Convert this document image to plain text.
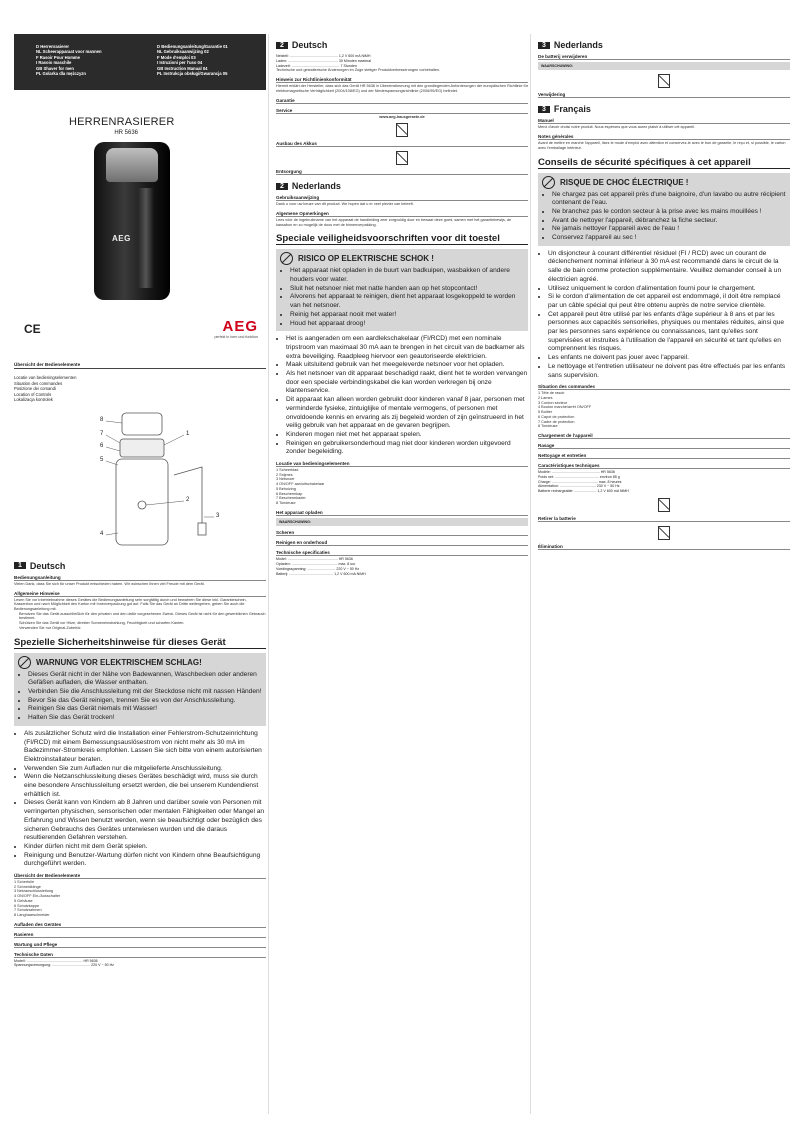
D Herrenrasierer
NL Scheerapparaat voor mannen
F Rasoir Pour Homme
I Rasoio maschile
GB Shaver for men
PL Golarka dla mężczyzn
D Bedienungsanleitung/Garantie 01
NL Gebruiksaanwijzing 02
F Mode d'emploi 03
I Istruzioni per l'uso 04
GB Instruction Manual 04
PL Instrukcja obsługi/Gwarancja 05
HERRENRASIERER
HR 5636
AEG
CE	AEG
perfekt in form und funktion
Übersicht der Bedienelemente
Locatie van bedieningselementen
Situation des commandes
Posizione dei comandi
Location of Controls
Lokalizacja kontrolek
8
7
6
5
4
2
3
1
1 Deutsch
Bedienungsanleitung

Vielen Dank, dass Sie sich für unser Produkt entschieden haben. Wir wünschen Ihnen viel Freude mit dem Gerät.

Allgemeine Hinweise

Lesen Sie vor Inbetriebnahme dieses Gerätes die Bedienungsanleitung sehr sorgfältig durch und bewahren Sie diese inkl. Garantieschein, Kassenbon und nach Möglichkeit den Karton mit Innenverpackung gut auf. Falls Sie das Gerät an Dritte weitergeben, geben Sie auch die Bedienungsanleitung mit.

• Benutzen Sie das Gerät ausschließlich für den privaten und den dafür vorgesehenen Zweck. Dieses Gerät ist nicht für den gewerblichen Gebrauch bestimmt.
• Schützen Sie das Gerät vor Hitze, direkter Sonneneinstrahlung, Feuchtigkeit und scharfen Kanten.
• Verwenden Sie nur Original-Zubehör.
Spezielle Sicherheitshinweise für dieses Gerät
WARNUNG VOR ELEKTRISCHEM SCHLAG!
• Dieses Gerät nicht in der Nähe von Badewannen, Waschbecken oder anderen Gefäßen aufladen, die Wasser enthalten.
• Verbinden Sie die Anschlussleitung mit der Steckdose nicht mit nassen Händen!
• Bevor Sie das Gerät reinigen, trennen Sie es von der Anschlussleitung.
• Reinigen Sie das Gerät niemals mit Wasser!
• Halten Sie das Gerät trocken!
• Als zusätzlicher Schutz wird die Installation einer Fehlerstrom-Schutzeinrichtung (FI/RCD) mit einem Bemessungsauslösestrom von nicht mehr als 30 mA im Badezimmer-Stromkreis empfohlen. Lassen Sie sich bitte von einem autorisierten Elektroinstallateur beraten.
• Verwenden Sie zum Aufladen nur die mitgelieferte Anschlussleitung.
• Wenn die Netzanschlussleitung dieses Gerätes beschädigt wird, muss sie durch eine besondere Anschlussleitung ersetzt werden, die bei unserem Kundendienst erhältlich ist.
• Dieses Gerät kann von Kindern ab 8 Jahren und darüber sowie von Personen mit verringerten physischen, sensorischen oder mentalen Fähigkeiten oder Mangel an Erfahrung und Wissen benutzt werden, wenn sie beaufsichtigt oder bezüglich des sicheren Gebrauchs des Gerätes unterwiesen wurden und die daraus resultierenden Gefahren verstehen.
• Kinder dürfen nicht mit dem Gerät spielen.
• Reinigung und Benutzer-Wartung dürfen nicht von Kindern ohne Beaufsichtigung durchgeführt werden.
Übersicht der Bedienelemente
1 Scherfolie
2 Schneidklinge
3 Netzanschlussleitung
4 ON/OFF Ein-/Ausschalter
5 Gehäuse
6 Schutzkappe
7 Schutzrahmen
8 Langhaarschneider
Aufladen des Gerätes
Rasieren
Wartung und Pflege
Technische Daten
Modell: ........................................................ HR 5636
Spannungsversorgung: ...................................... 220 V ~ 50 Hz
2 Deutsch
Netzteil: ................................................ 1,2 V 600 mA NiMH
Laden: .................................................. 30 Minuten maximal
Ladezeit: ................................................ 7 Stunden

Technische und gestalterische Änderungen im Zuge stetiger Produktverbesserungen vorbehalten.

Hinweis zur Richtlinienkonformität

Hiermit erklärt der Hersteller, dass sich das Gerät HR 5636 in Übereinstimmung mit den grundlegenden Anforderungen der europäischen Richtlinie für elektromagnetische Verträglichkeit (2004/108/EG) und der Niederspannungsrichtlinie (2006/95/EG) befindet.

Garantie
Service

www.aeg-hausgeraete.de

Ausbau des Akkus
Entsorgung
2 Nederlands
Gebruiksaanwijzing

Dank u voor uw keuze van dit product. We hopen dat u er veel plezier van beleeft.

Algemene Opmerkingen

Lees vóór de ingebruikname van het apparaat de handleiding zeer zorgvuldig door en bewaar deze goed, samen met het garantiebewijs, de kassabon en zo mogelijk de doos met de binnenverpakking.

Speciale veiligheidsvoorschriften voor dit toestel
RISICO OP ELEKTRISCHE SCHOK !
• Het apparaat niet opladen in de buurt van badkuipen, wasbakken of andere houders voor water.
• Sluit het netsnoer niet met natte handen aan op het stopcontact!
• Alvorens het apparaat te reinigen, dient het apparaat losgekoppeld te worden van het netsnoer.
• Reinig het apparaat nooit met water!
• Houd het apparaat droog!
• Het is aangeraden om een aardlekschakelaar (FI/RCD) met een nominale tripstroom van maximaal 30 mA aan te brengen in het circuit van de badkamer als extra beveiliging. Raadpleeg hiervoor een geautoriseerde elektricien.
• Maak uitsluitend gebruik van het meegeleverde netsnoer voor het opladen.
• Als het netsnoer van dit apparaat beschadigd raakt, dient het te worden vervangen door een speciale verbindingskabel die kan worden verkregen bij onze klantenservice.
• Dit apparaat kan alleen worden gebruikt door kinderen vanaf 8 jaar, personen met verminderde fysieke, zintuiglijke of mentale vermogens, of personen met onvoldoende kennis en ervaring als zij begeleid worden of zijn geïnstrueerd in het veilig gebruik van het apparaat en de gevaren begrijpen.
• Kinderen mogen niet met het apparaat spelen.
• Reinigen en gebruikersonderhoud mag niet door kinderen worden uitgevoerd zonder begeleiding.
Locatie van bedieningselementen
1 Scheerblad
2 Snijmes
3 Netsnoer
4 ON/OFF aan/uitschakelaar
5 Behuizing
6 Beschermkap
7 Beschermkader
8 Tondeuse
Het apparaat opladen
WAARSCHUWING:
Scheren
Reinigen en onderhoud
Technische specificaties
Model: .................................................. HR 5636
Opladen: .............................................. max. 8 uur
Voedingsspanning: ............................ 220 V ~ 50 Hz
Batterij: ............................................ 1,2 V 600 mA NiMH
3 Nederlands
De batterij verwijderen
WAARSCHUWING:
Verwijdering
3 Français
Manuel

Merci d'avoir choisi notre produit. Nous espérons que vous aurez plaisir à utiliser cet appareil.

Notes générales

Avant de mettre en marche l'appareil, lisez le mode d'emploi avec attention et conservez-le avec le bon de garantie, le reçu et, si possible, le carton avec l'emballage intérieur.

Conseils de sécurité spécifiques à cet appareil
RISQUE DE CHOC ÉLECTRIQUE !
• Ne chargez pas cet appareil près d'une baignoire, d'un lavabo ou autre récipient contenant de l'eau.
• Ne branchez pas le cordon secteur à la prise avec les mains mouillées !
• Avant de nettoyer l'appareil, débranchez la fiche secteur.
• Ne jamais nettoyer l'appareil avec de l'eau !
• Conservez l'appareil au sec !
• Un disjoncteur à courant différentiel résiduel (FI / RCD) avec un courant de déclenchement nominal inférieur à 30 mA est recommandé dans le circuit de la salle de bain comme protection supplémentaire. Veuillez demander conseil à un électricien agréé.
• Utilisez uniquement le cordon d'alimentation fourni pour le chargement.
• Si le cordon d'alimentation de cet appareil est endommagé, il doit être remplacé par un câble spécial qui peut être obtenu auprès de notre service clientèle.
• Cet appareil peut être utilisé par les enfants d'âge supérieur à 8 ans et par les personnes aux capacités sensorielles, physiques ou mentales réduites, ainsi que par les personnes sans expérience ou connaissances, tant qu'elles sont supervisées et instruites à l'utilisation de l'appareil en sécurité et tant qu'elles en comprennent les risques.
• Les enfants ne doivent pas jouer avec l'appareil.
• Le nettoyage et l'entretien utilisateur ne doivent pas être effectués par les enfants sans supervision.
Situation des commandes
1 Tête de rasoir
2 Lames
3 Cordon secteur
4 Bouton marche/arrêt ON/OFF
5 Boîtier
6 Capot de protection
7 Cadre de protection
8 Tondeuse
Chargement de l'appareil
Rasage
Nettoyage et entretien
Caractéristiques techniques
Modèle: ................................................ HR 5636
Poids net: ............................................ environ 85 g
Charge: .............................................. max. 8 heures
Alimentation: .................................... 230 V ~ 50 Hz
Batterie rechargeable: ...................... 1,2 V 600 mA NiMH
Retirer la batterie
Élimination
